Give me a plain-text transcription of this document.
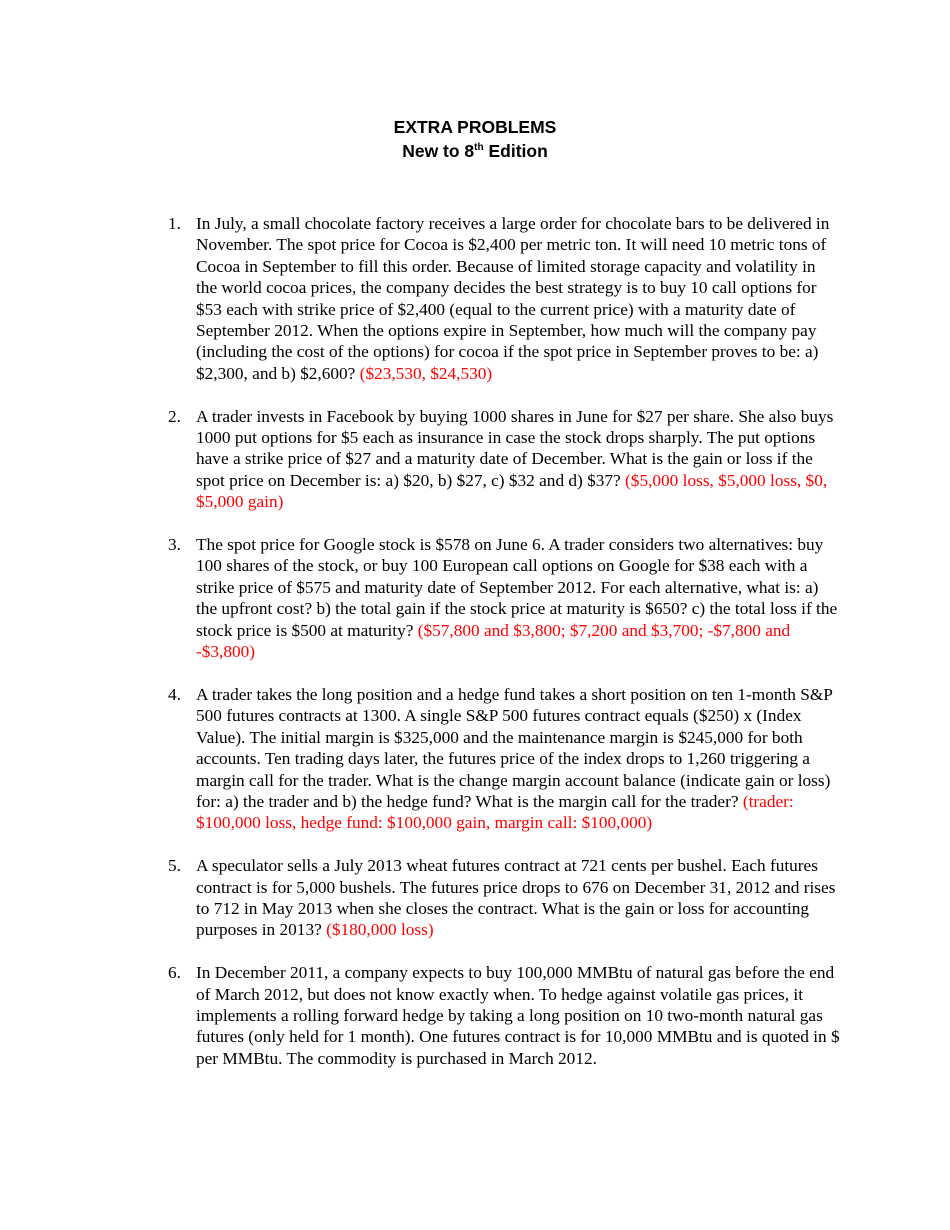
EXTRA PROBLEMS
New to 8th Edition
1. In July, a small chocolate factory receives a large order for chocolate bars to be delivered in November. The spot price for Cocoa is $2,400 per metric ton. It will need 10 metric tons of Cocoa in September to fill this order. Because of limited storage capacity and volatility in the world cocoa prices, the company decides the best strategy is to buy 10 call options for $53 each with strike price of $2,400 (equal to the current price) with a maturity date of September 2012. When the options expire in September, how much will the company pay (including the cost of the options) for cocoa if the spot price in September proves to be: a) $2,300, and b) $2,600? ($23,530, $24,530)
2. A trader invests in Facebook by buying 1000 shares in June for $27 per share. She also buys 1000 put options for $5 each as insurance in case the stock drops sharply. The put options have a strike price of $27 and a maturity date of December. What is the gain or loss if the spot price on December is: a) $20, b) $27, c) $32 and d) $37? ($5,000 loss, $5,000 loss, $0, $5,000 gain)
3. The spot price for Google stock is $578 on June 6. A trader considers two alternatives: buy 100 shares of the stock, or buy 100 European call options on Google for $38 each with a strike price of $575 and maturity date of September 2012. For each alternative, what is: a) the upfront cost? b) the total gain if the stock price at maturity is $650? c) the total loss if the stock price is $500 at maturity? ($57,800 and $3,800; $7,200 and $3,700; -$7,800 and -$3,800)
4. A trader takes the long position and a hedge fund takes a short position on ten 1-month S&P 500 futures contracts at 1300. A single S&P 500 futures contract equals ($250) x (Index Value). The initial margin is $325,000 and the maintenance margin is $245,000 for both accounts. Ten trading days later, the futures price of the index drops to 1,260 triggering a margin call for the trader. What is the change margin account balance (indicate gain or loss) for: a) the trader and b) the hedge fund? What is the margin call for the trader? (trader: $100,000 loss, hedge fund: $100,000 gain, margin call: $100,000)
5. A speculator sells a July 2013 wheat futures contract at 721 cents per bushel. Each futures contract is for 5,000 bushels. The futures price drops to 676 on December 31, 2012 and rises to 712 in May 2013 when she closes the contract. What is the gain or loss for accounting purposes in 2013? ($180,000 loss)
6. In December 2011, a company expects to buy 100,000 MMBtu of natural gas before the end of March 2012, but does not know exactly when. To hedge against volatile gas prices, it implements a rolling forward hedge by taking a long position on 10 two-month natural gas futures (only held for 1 month). One futures contract is for 10,000 MMBtu and is quoted in $ per MMBtu. The commodity is purchased in March 2012.
